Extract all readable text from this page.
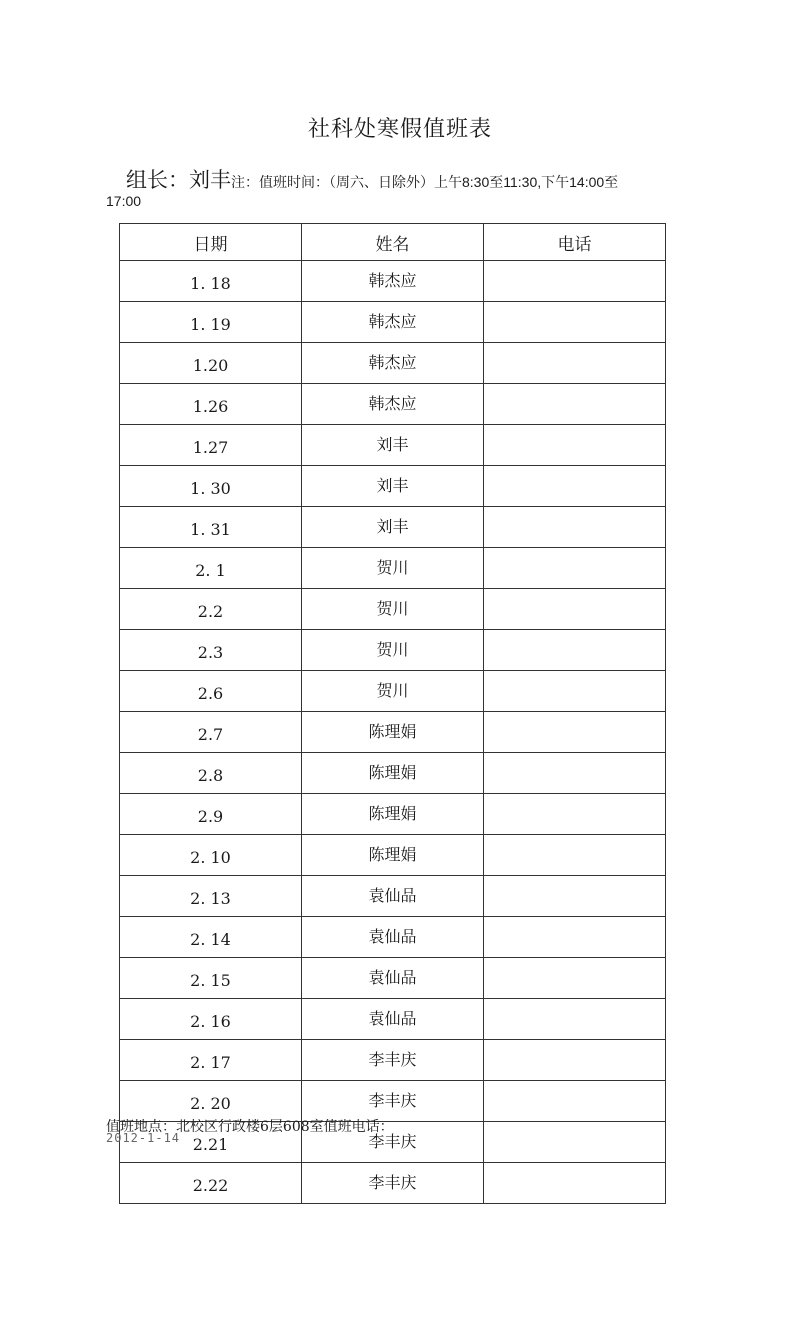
社科处寒假值班表
组长：刘丰注：值班时间：（周六、日除外）上午8:30至11:30,下午14:00至
17:00
日期	姓名	电话
1. 18	韩杰应	
1. 19	韩杰应	
1.20	韩杰应	
1.26	韩杰应	
1.27	刘丰	
1. 30	刘丰	
1. 31	刘丰	
2. 1	贺川	
2.2	贺川	
2.3	贺川	
2.6	贺川	
2.7	陈理娟	
2.8	陈理娟	
2.9	陈理娟	
2. 10	陈理娟	
2. 13	袁仙品	
2. 14	袁仙品	
2. 15	袁仙品	
2. 16	袁仙品	
2. 17	李丰庆	
2. 20	李丰庆	
2.21	李丰庆	
2.22	李丰庆	
值班地点：北校区行政楼6层608室值班电话：
2012-1-14
